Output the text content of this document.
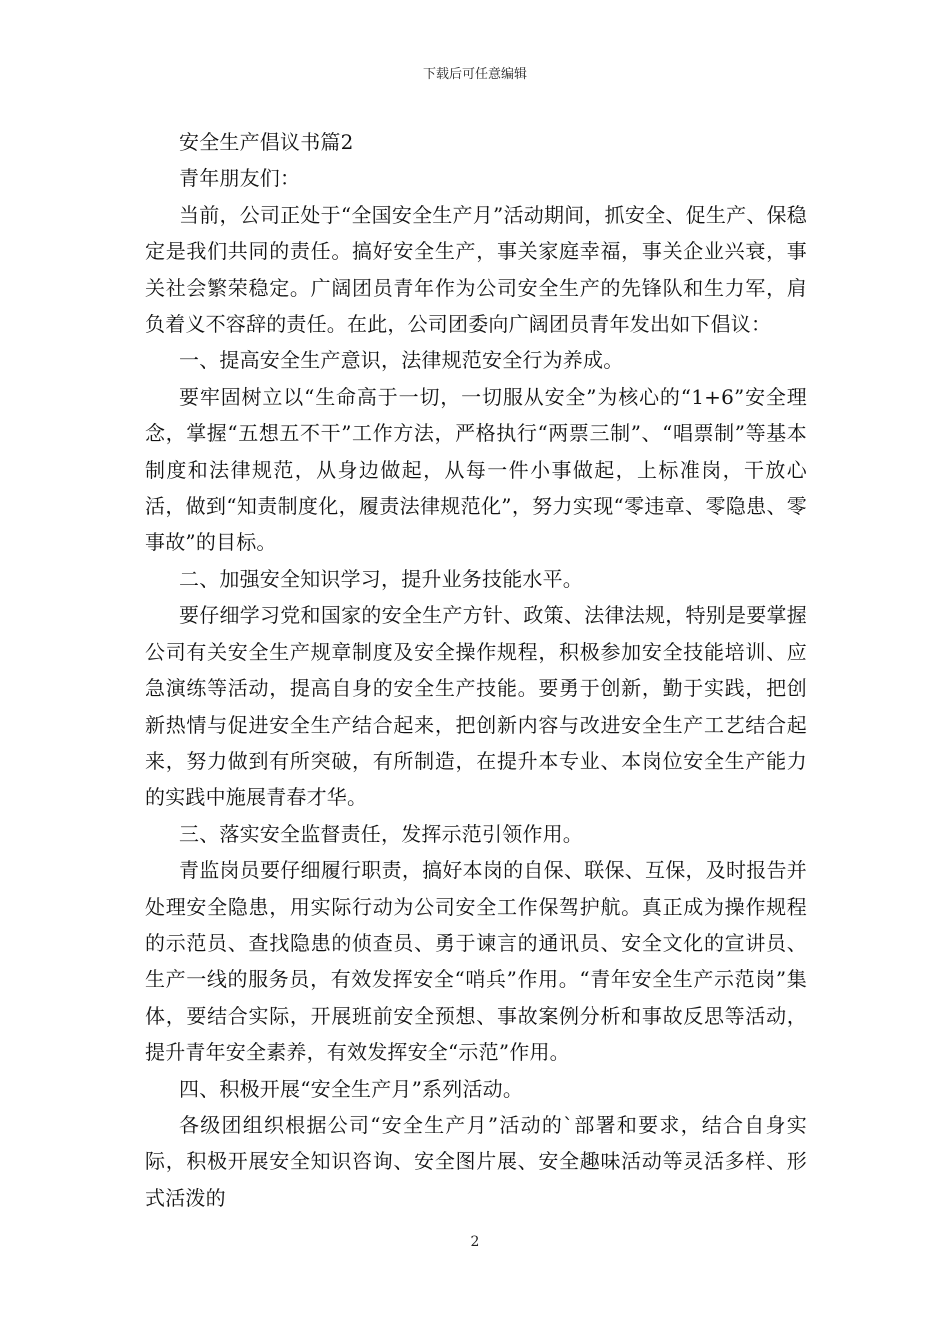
下载后可任意编辑

安全生产倡议书篇2

青年朋友们：

当前，公司正处于“全国安全生产月”活动期间，抓安全、促生产、保稳定是我们共同的责任。搞好安全生产，事关家庭幸福，事关企业兴衰，事关社会繁荣稳定。广阔团员青年作为公司安全生产的先锋队和生力军，肩负着义不容辞的责任。在此，公司团委向广阔团员青年发出如下倡议：

一、提高安全生产意识，法律规范安全行为养成。

要牢固树立以“生命高于一切，一切服从安全”为核心的“1+6”安全理念，掌握“五想五不干”工作方法，严格执行“两票三制”、“唱票制”等基本制度和法律规范，从身边做起，从每一件小事做起，上标准岗，干放心活，做到“知责制度化，履责法律规范化”，努力实现“零违章、零隐患、零事故”的目标。

二、加强安全知识学习，提升业务技能水平。

要仔细学习党和国家的安全生产方针、政策、法律法规，特别是要掌握公司有关安全生产规章制度及安全操作规程，积极参加安全技能培训、应急演练等活动，提高自身的安全生产技能。要勇于创新，勤于实践，把创新热情与促进安全生产结合起来，把创新内容与改进安全生产工艺结合起来，努力做到有所突破，有所制造，在提升本专业、本岗位安全生产能力的实践中施展青春才华。

三、落实安全监督责任，发挥示范引领作用。

青监岗员要仔细履行职责，搞好本岗的自保、联保、互保，及时报告并处理安全隐患，用实际行动为公司安全工作保驾护航。真正成为操作规程的示范员、查找隐患的侦查员、勇于谏言的通讯员、安全文化的宣讲员、生产一线的服务员，有效发挥安全“哨兵”作用。“青年安全生产示范岗”集体，要结合实际，开展班前安全预想、事故案例分析和事故反思等活动，提升青年安全素养，有效发挥安全“示范”作用。

四、积极开展“安全生产月”系列活动。

各级团组织根据公司“安全生产月”活动的`部署和要求，结合自身实际，积极开展安全知识咨询、安全图片展、安全趣味活动等灵活多样、形式活泼的

2
